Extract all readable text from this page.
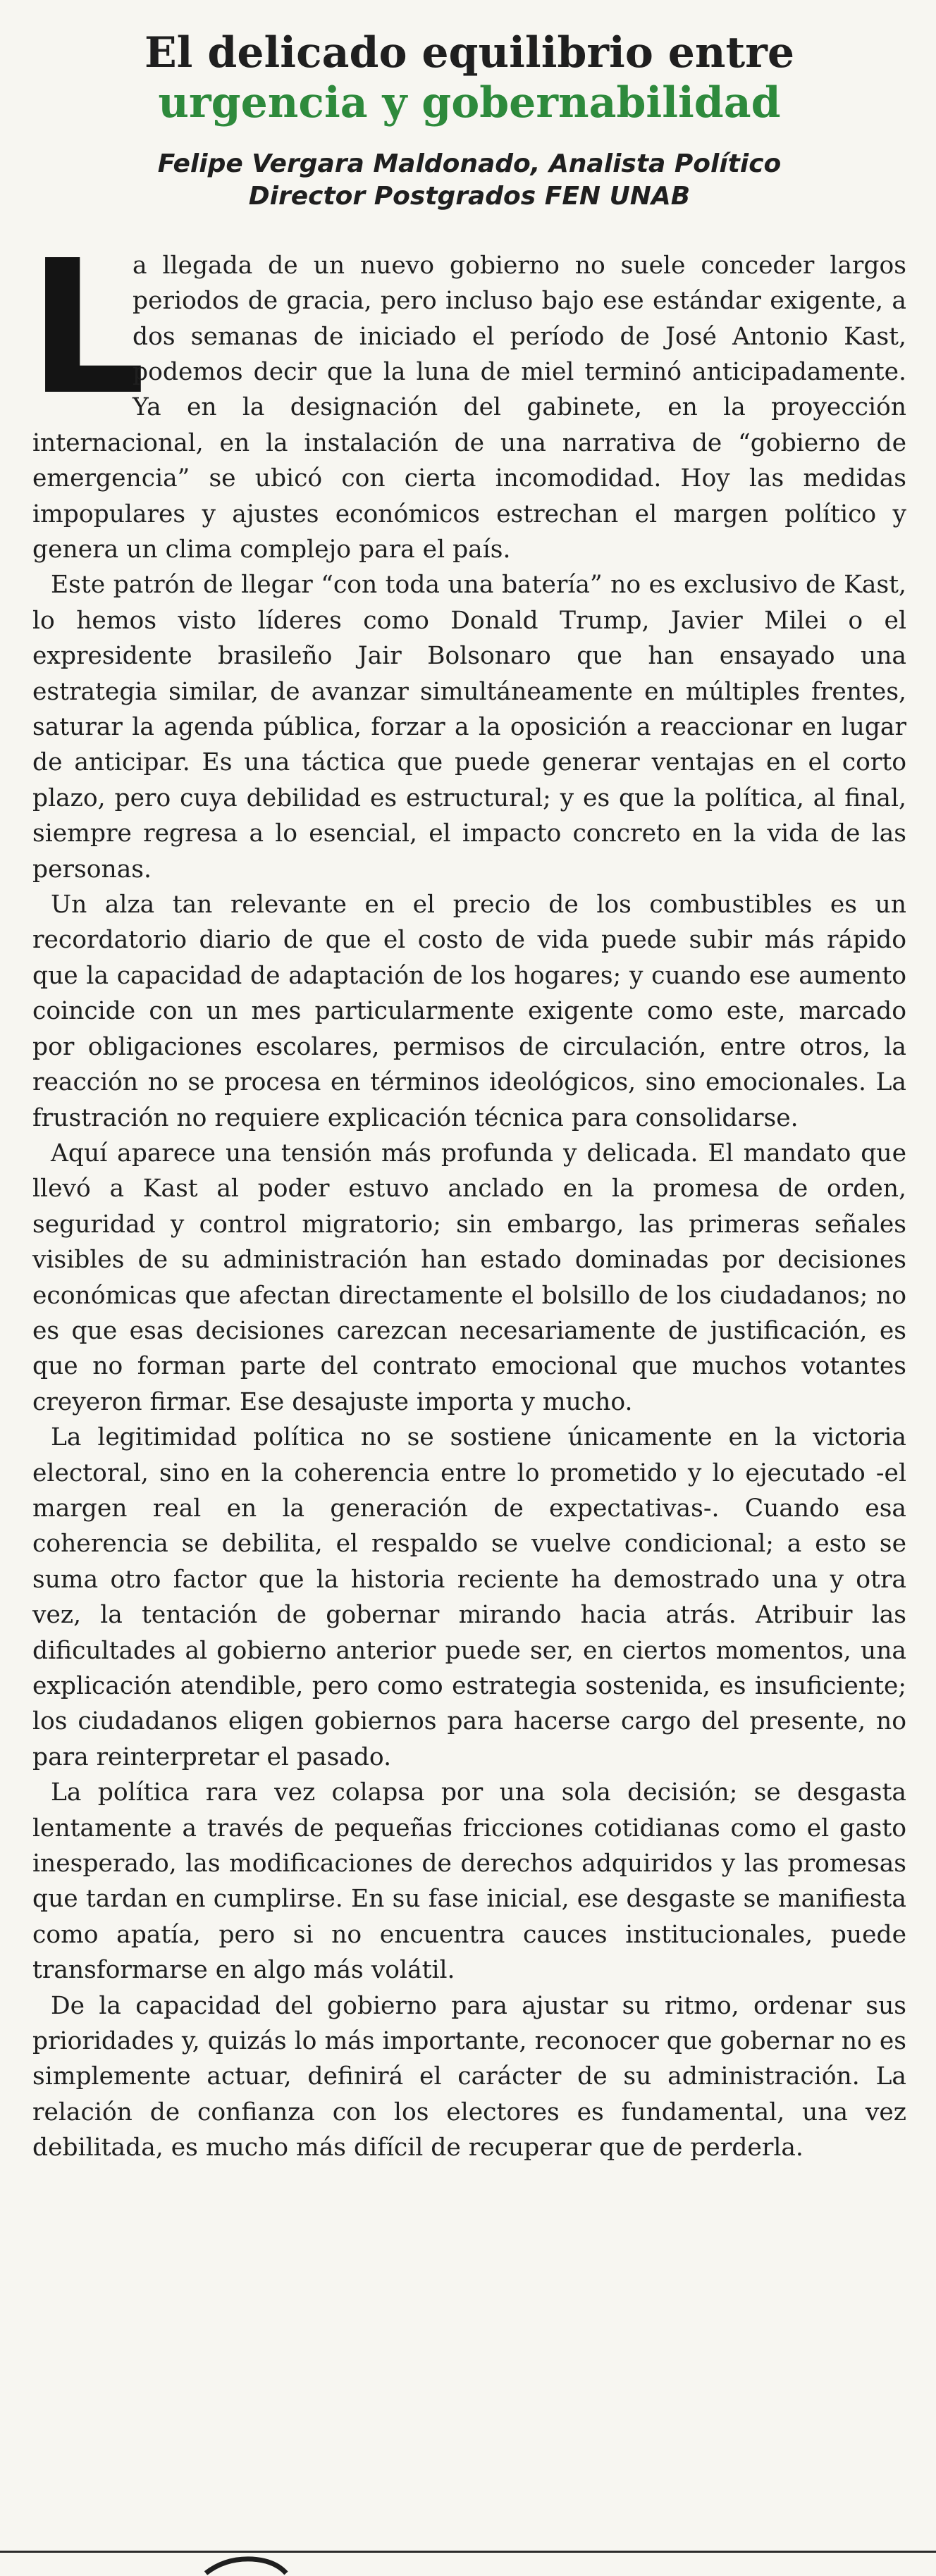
El delicado equilibrio entre
urgencia y gobernabilidad
Felipe Vergara Maldonado, Analista Político
Director Postgrados FEN UNAB

L
a llegada de un nuevo gobierno no suele conceder largos periodos de gracia, pero incluso bajo ese estándar exigente, a dos semanas de iniciado el período de José Antonio Kast, podemos decir que la luna de miel terminó anticipadamente. Ya en la designación del gabinete, en la proyección internacional, en la instalación de una narrativa de “gobierno de emergencia” se ubicó con cierta incomodidad. Hoy las medidas impopulares y ajustes económicos estrechan el margen político y genera un clima complejo para el país.

Este patrón de llegar “con toda una batería” no es exclusivo de Kast, lo hemos visto líderes como Donald Trump, Javier Milei o el expresidente brasileño Jair Bolsonaro que han ensayado una estrategia similar, de avanzar simultáneamente en múltiples frentes, saturar la agenda pública, forzar a la oposición a reaccionar en lugar de anticipar. Es una táctica que puede generar ventajas en el corto plazo, pero cuya debilidad es estructural; y es que la política, al final, siempre regresa a lo esencial, el impacto concreto en la vida de las personas.

Un alza tan relevante en el precio de los combustibles es un recordatorio diario de que el costo de vida puede subir más rápido que la capacidad de adaptación de los hogares; y cuando ese aumento coincide con un mes particularmente exigente como este, marcado por obligaciones escolares, permisos de circulación, entre otros, la reacción no se procesa en términos ideológicos, sino emocionales. La frustración no requiere explicación técnica para consolidarse.

Aquí aparece una tensión más profunda y delicada. El mandato que llevó a Kast al poder estuvo anclado en la promesa de orden, seguridad y control migratorio; sin embargo, las primeras señales visibles de su administración han estado dominadas por decisiones económicas que afectan directamente el bolsillo de los ciudadanos; no es que esas decisiones carezcan necesariamente de justificación, es que no forman parte del contrato emocional que muchos votantes creyeron firmar. Ese desajuste importa y mucho.

La legitimidad política no se sostiene únicamente en la victoria electoral, sino en la coherencia entre lo prometido y lo ejecutado -el margen real en la generación de expectativas-. Cuando esa coherencia se debilita, el respaldo se vuelve condicional; a esto se suma otro factor que la historia reciente ha demostrado una y otra vez, la tentación de gobernar mirando hacia atrás. Atribuir las dificultades al gobierno anterior puede ser, en ciertos momentos, una explicación atendible, pero como estrategia sostenida, es insuficiente; los ciudadanos eligen gobiernos para hacerse cargo del presente, no para reinterpretar el pasado.

La política rara vez colapsa por una sola decisión; se desgasta lentamente a través de pequeñas fricciones cotidianas como el gasto inesperado, las modificaciones de derechos adquiridos y las promesas que tardan en cumplirse. En su fase inicial, ese desgaste se manifiesta como apatía, pero si no encuentra cauces institucionales, puede transformarse en algo más volátil.

De la capacidad del gobierno para ajustar su ritmo, ordenar sus prioridades y, quizás lo más importante, reconocer que gobernar no es simplemente actuar, definirá el carácter de su administración. La relación de confianza con los electores es fundamental, una vez debilitada, es mucho más difícil de recuperar que de perderla.
